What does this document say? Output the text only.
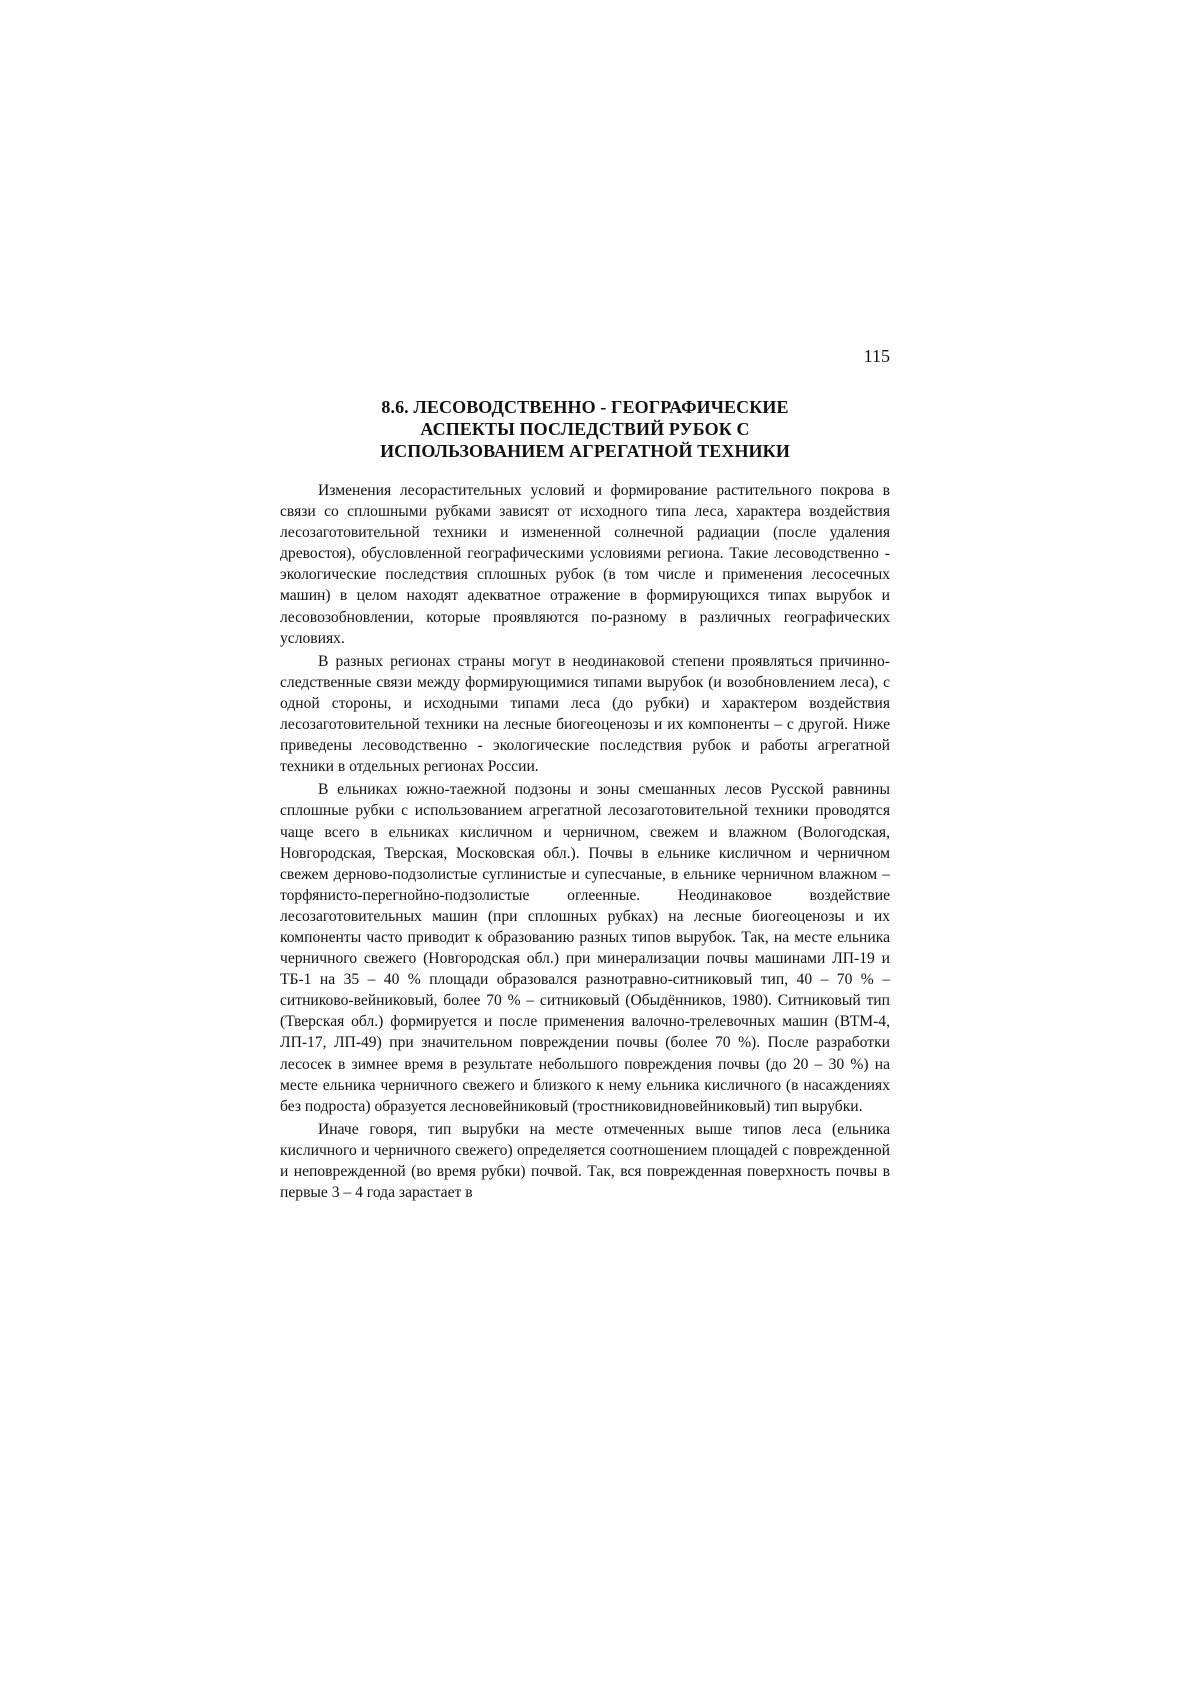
115
8.6. ЛЕСОВОДСТВЕННО - ГЕОГРАФИЧЕСКИЕ
АСПЕКТЫ ПОСЛЕДСТВИЙ РУБОК С
ИСПОЛЬЗОВАНИЕМ АГРЕГАТНОЙ ТЕХНИКИ

Изменения лесорастительных условий и формирование растительного покрова в связи со сплошными рубками зависят от исходного типа леса, характера воздействия лесозаготовительной техники и измененной солнечной радиации (после удаления древостоя), обусловленной географическими условиями региона. Такие лесоводственно - экологические последствия сплошных рубок (в том числе и применения лесосечных машин) в целом находят адекватное отражение в формирующихся типах вырубок и лесовозобновлении, которые проявляются по-разному в различных географических условиях.

В разных регионах страны могут в неодинаковой степени проявляться причинно-следственные связи между формирующимися типами вырубок (и возобновлением леса), с одной стороны, и исходными типами леса (до рубки) и характером воздействия лесозаготовительной техники на лесные биогеоценозы и их компоненты – с другой. Ниже приведены лесоводственно - экологические последствия рубок и работы агрегатной техники в отдельных регионах России.

В ельниках южно-таежной подзоны и зоны смешанных лесов Русской равнины сплошные рубки с использованием агрегатной лесозаготовительной техники проводятся чаще всего в ельниках кисличном и черничном, свежем и влажном (Вологодская, Новгородская, Тверская, Московская обл.). Почвы в ельнике кисличном и черничном свежем дерново-подзолистые суглинистые и супесчаные, в ельнике черничном влажном – торфянисто-перегнойно-подзолистые оглеенные. Неодинаковое воздействие лесозаготовительных машин (при сплошных рубках) на лесные биогеоценозы и их компоненты часто приводит к образованию разных типов вырубок. Так, на месте ельника черничного свежего (Новгородская обл.) при минерализации почвы машинами ЛП-19 и ТБ-1 на 35 – 40 % площади образовался разнотравно-ситниковый тип, 40 – 70 % – ситниково-вейниковый, более 70 % – ситниковый (Обыдёнников, 1980). Ситниковый тип (Тверская обл.) формируется и после применения валочно-трелевочных машин (ВТМ-4, ЛП-17, ЛП-49) при значительном повреждении почвы (более 70 %). После разработки лесосек в зимнее время в результате небольшого повреждения почвы (до 20 – 30 %) на месте ельника черничного свежего и близкого к нему ельника кисличного (в насаждениях без подроста) образуется лесновейниковый (тростниковидновейниковый) тип вырубки.

Иначе говоря, тип вырубки на месте отмеченных выше типов леса (ельника кисличного и черничного свежего) определяется соотношением площадей с поврежденной и неповрежденной (во время рубки) почвой. Так, вся поврежденная поверхность почвы в первые 3 – 4 года зарастает в
